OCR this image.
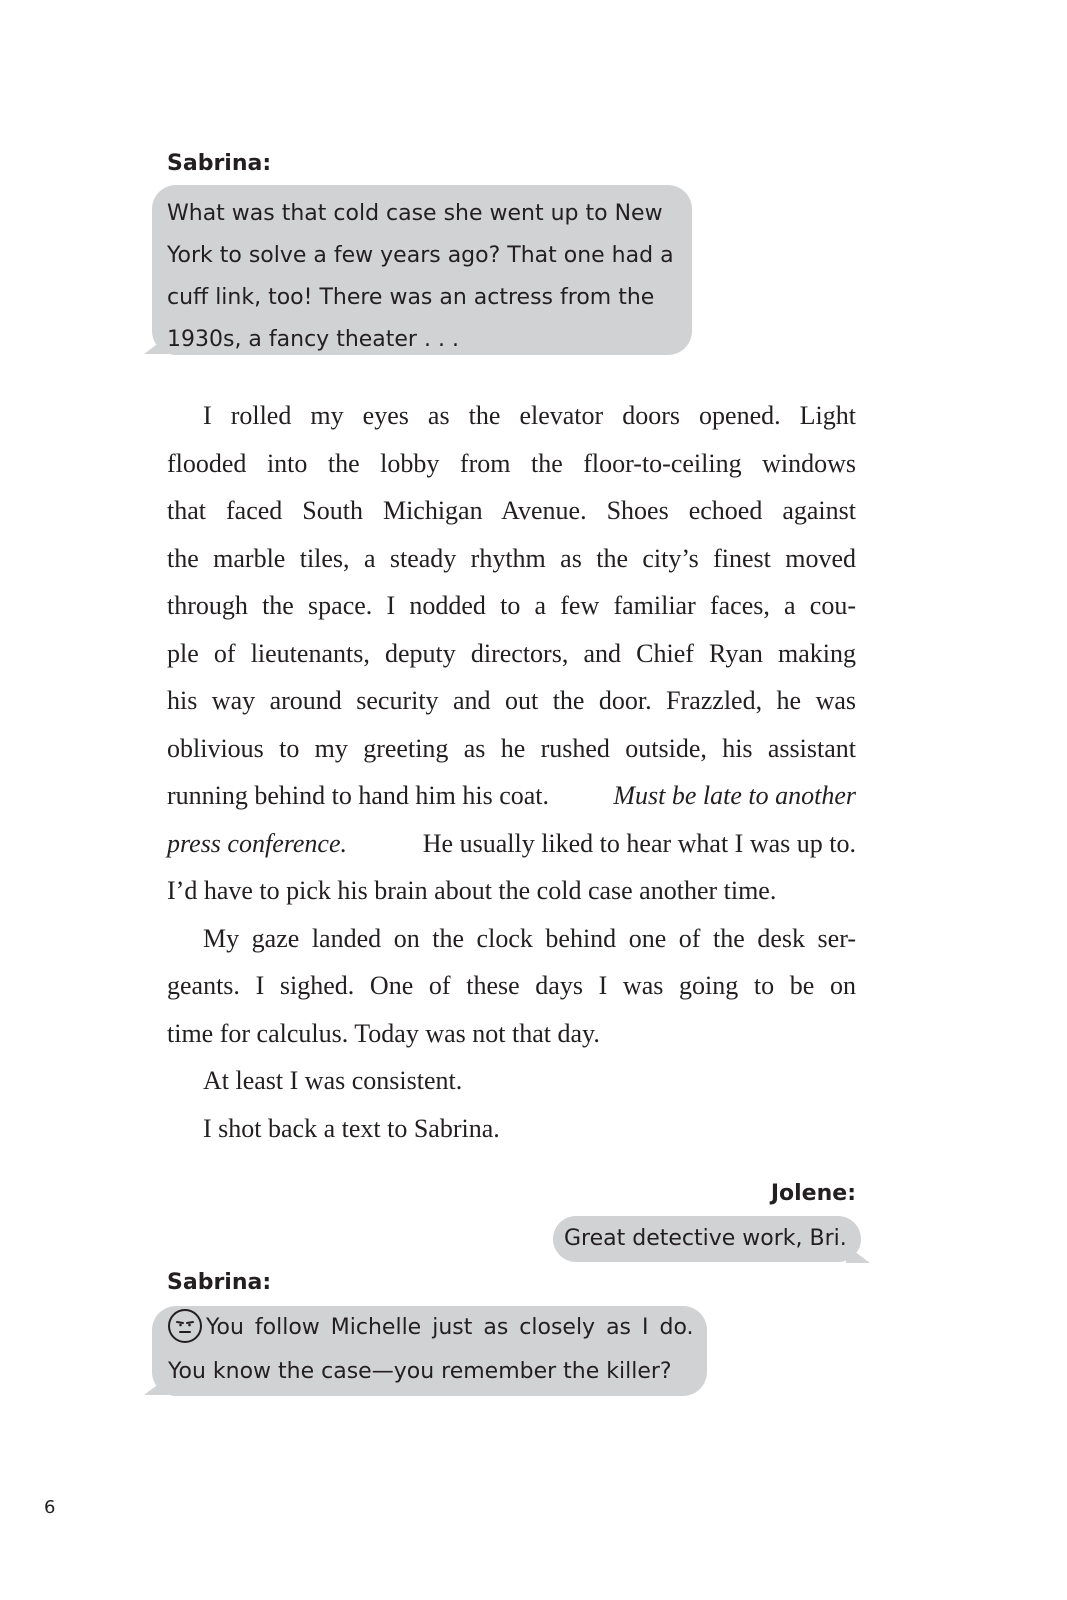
Sabrina:

What was that cold case she went up to New

York to solve a few years ago? That one had a

cuff link, too! There was an actress from the

1930s, a fancy theater . . .

I rolled my eyes as the elevator doors opened. Light
flooded into the lobby from the floor-to-ceiling windows
that faced South Michigan Avenue. Shoes echoed against
the marble tiles, a steady rhythm as the city’s finest moved
through the space. I nodded to a few familiar faces, a cou-
ple of lieutenants, deputy directors, and Chief Ryan making
his way around security and out the door. Frazzled, he was
oblivious to my greeting as he rushed outside, his assistant
running behind to hand him his coat. Must be late to another
press conference.	He usually liked to hear what I was up to.
I’d have to pick his brain about the cold case another time.
My gaze landed on the clock behind one of the desk ser-
geants. I sighed. One of these days I was going to be on
time for calculus. Today was not that day.
At least I was consistent.
I shot back a text to Sabrina.

Jolene:

Great detective work, Bri.

Sabrina:

You follow Michelle just as closely as I do.

You know the case—you remember the killer?

6
